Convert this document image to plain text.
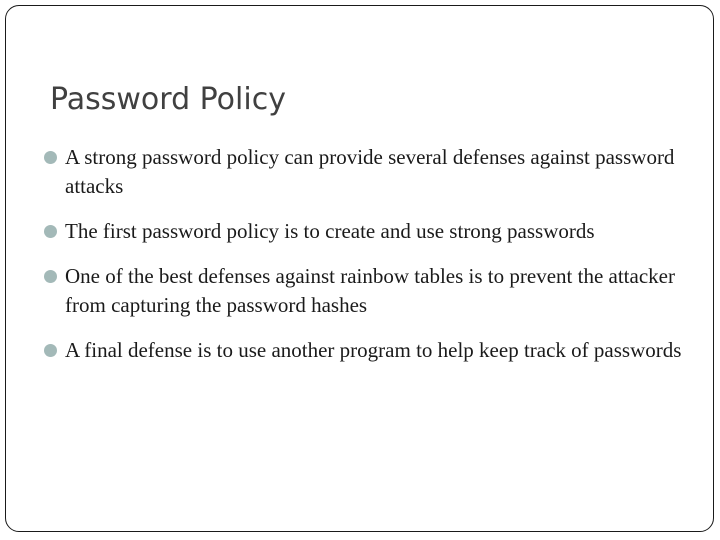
Password Policy
A strong password policy can provide several defenses against password attacks
The first password policy is to create and use strong passwords
One of the best defenses against rainbow tables is to prevent the attacker from capturing the password hashes
A final defense is to use another program to help keep track of passwords
